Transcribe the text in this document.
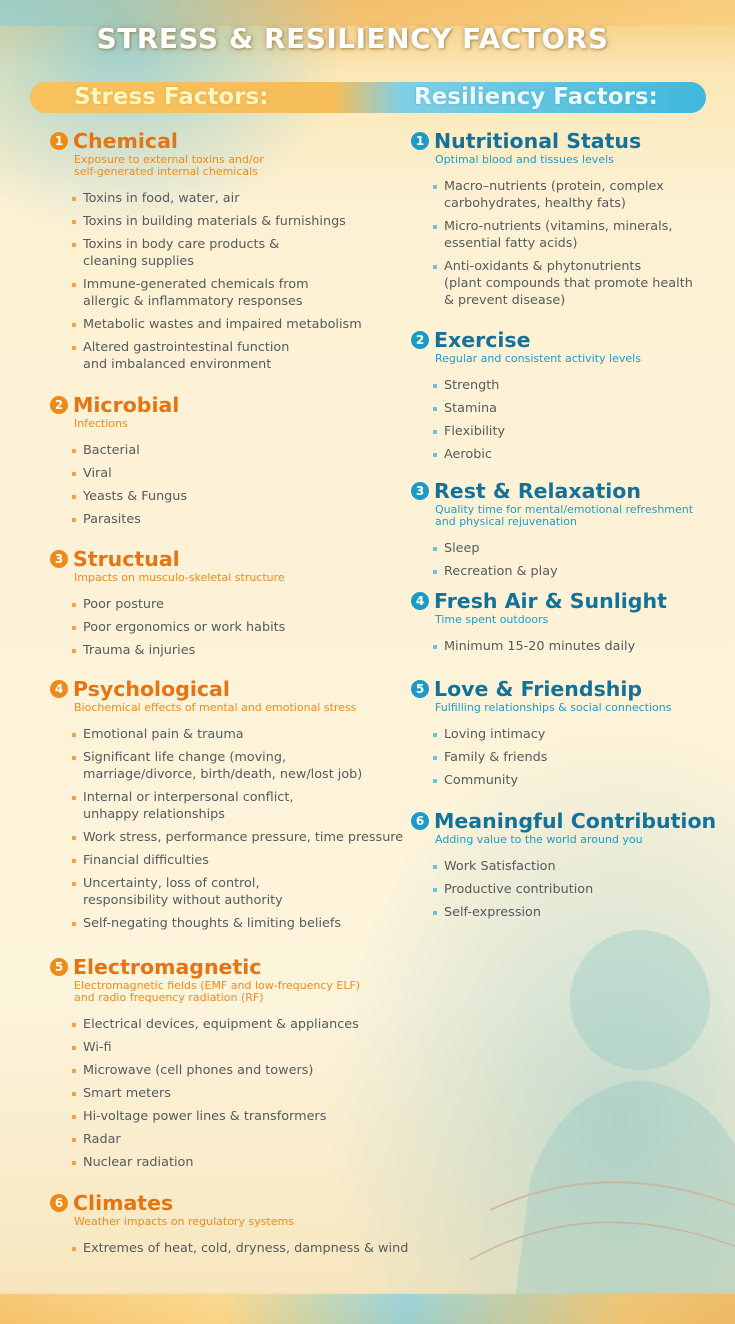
STRESS & RESILIENCY FACTORS
Stress Factors:	Resiliency Factors:
1 Chemical
Exposure to external toxins and/or
self-generated internal chemicals
Toxins in food, water, air
Toxins in building materials & furnishings
Toxins in body care products &
cleaning supplies
Immune-generated chemicals from
allergic & inflammatory responses
Metabolic wastes and impaired metabolism
Altered gastrointestinal function
and imbalanced environment
2 Microbial
Infections
Bacterial
Viral
Yeasts & Fungus
Parasites
3 Structual
Impacts on musculo-skeletal structure
Poor posture
Poor ergonomics or work habits
Trauma & injuries
4 Psychological
Biochemical effects of mental and emotional stress
Emotional pain & trauma
Significant life change (moving,
marriage/divorce, birth/death, new/lost job)
Internal or interpersonal conflict,
unhappy relationships
Work stress, performance pressure, time pressure
Financial difficulties
Uncertainty, loss of control,
responsibility without authority
Self-negating thoughts & limiting beliefs
5 Electromagnetic
Electromagnetic fields (EMF and low-frequency ELF)
and radio frequency radiation (RF)
Electrical devices, equipment & appliances
Wi-fi
Microwave (cell phones and towers)
Smart meters
Hi-voltage power lines & transformers
Radar
Nuclear radiation
6 Climates
Weather impacts on regulatory systems
Extremes of heat, cold, dryness, dampness & wind
1 Nutritional Status
Optimal blood and tissues levels
Macro–nutrients (protein, complex
carbohydrates, healthy fats)
Micro-nutrients (vitamins, minerals,
essential fatty acids)
Anti-oxidants & phytonutrients
(plant compounds that promote health
& prevent disease)
2 Exercise
Regular and consistent activity levels
Strength
Stamina
Flexibility
Aerobic
3 Rest & Relaxation
Quality time for mental/emotional refreshment
and physical rejuvenation
Sleep
Recreation & play
4 Fresh Air & Sunlight
Time spent outdoors
Minimum 15-20 minutes daily
5 Love & Friendship
Fulfilling relationships & social connections
Loving intimacy
Family & friends
Community
6 Meaningful Contribution
Adding value to the world around you
Work Satisfaction
Productive contribution
Self-expression
